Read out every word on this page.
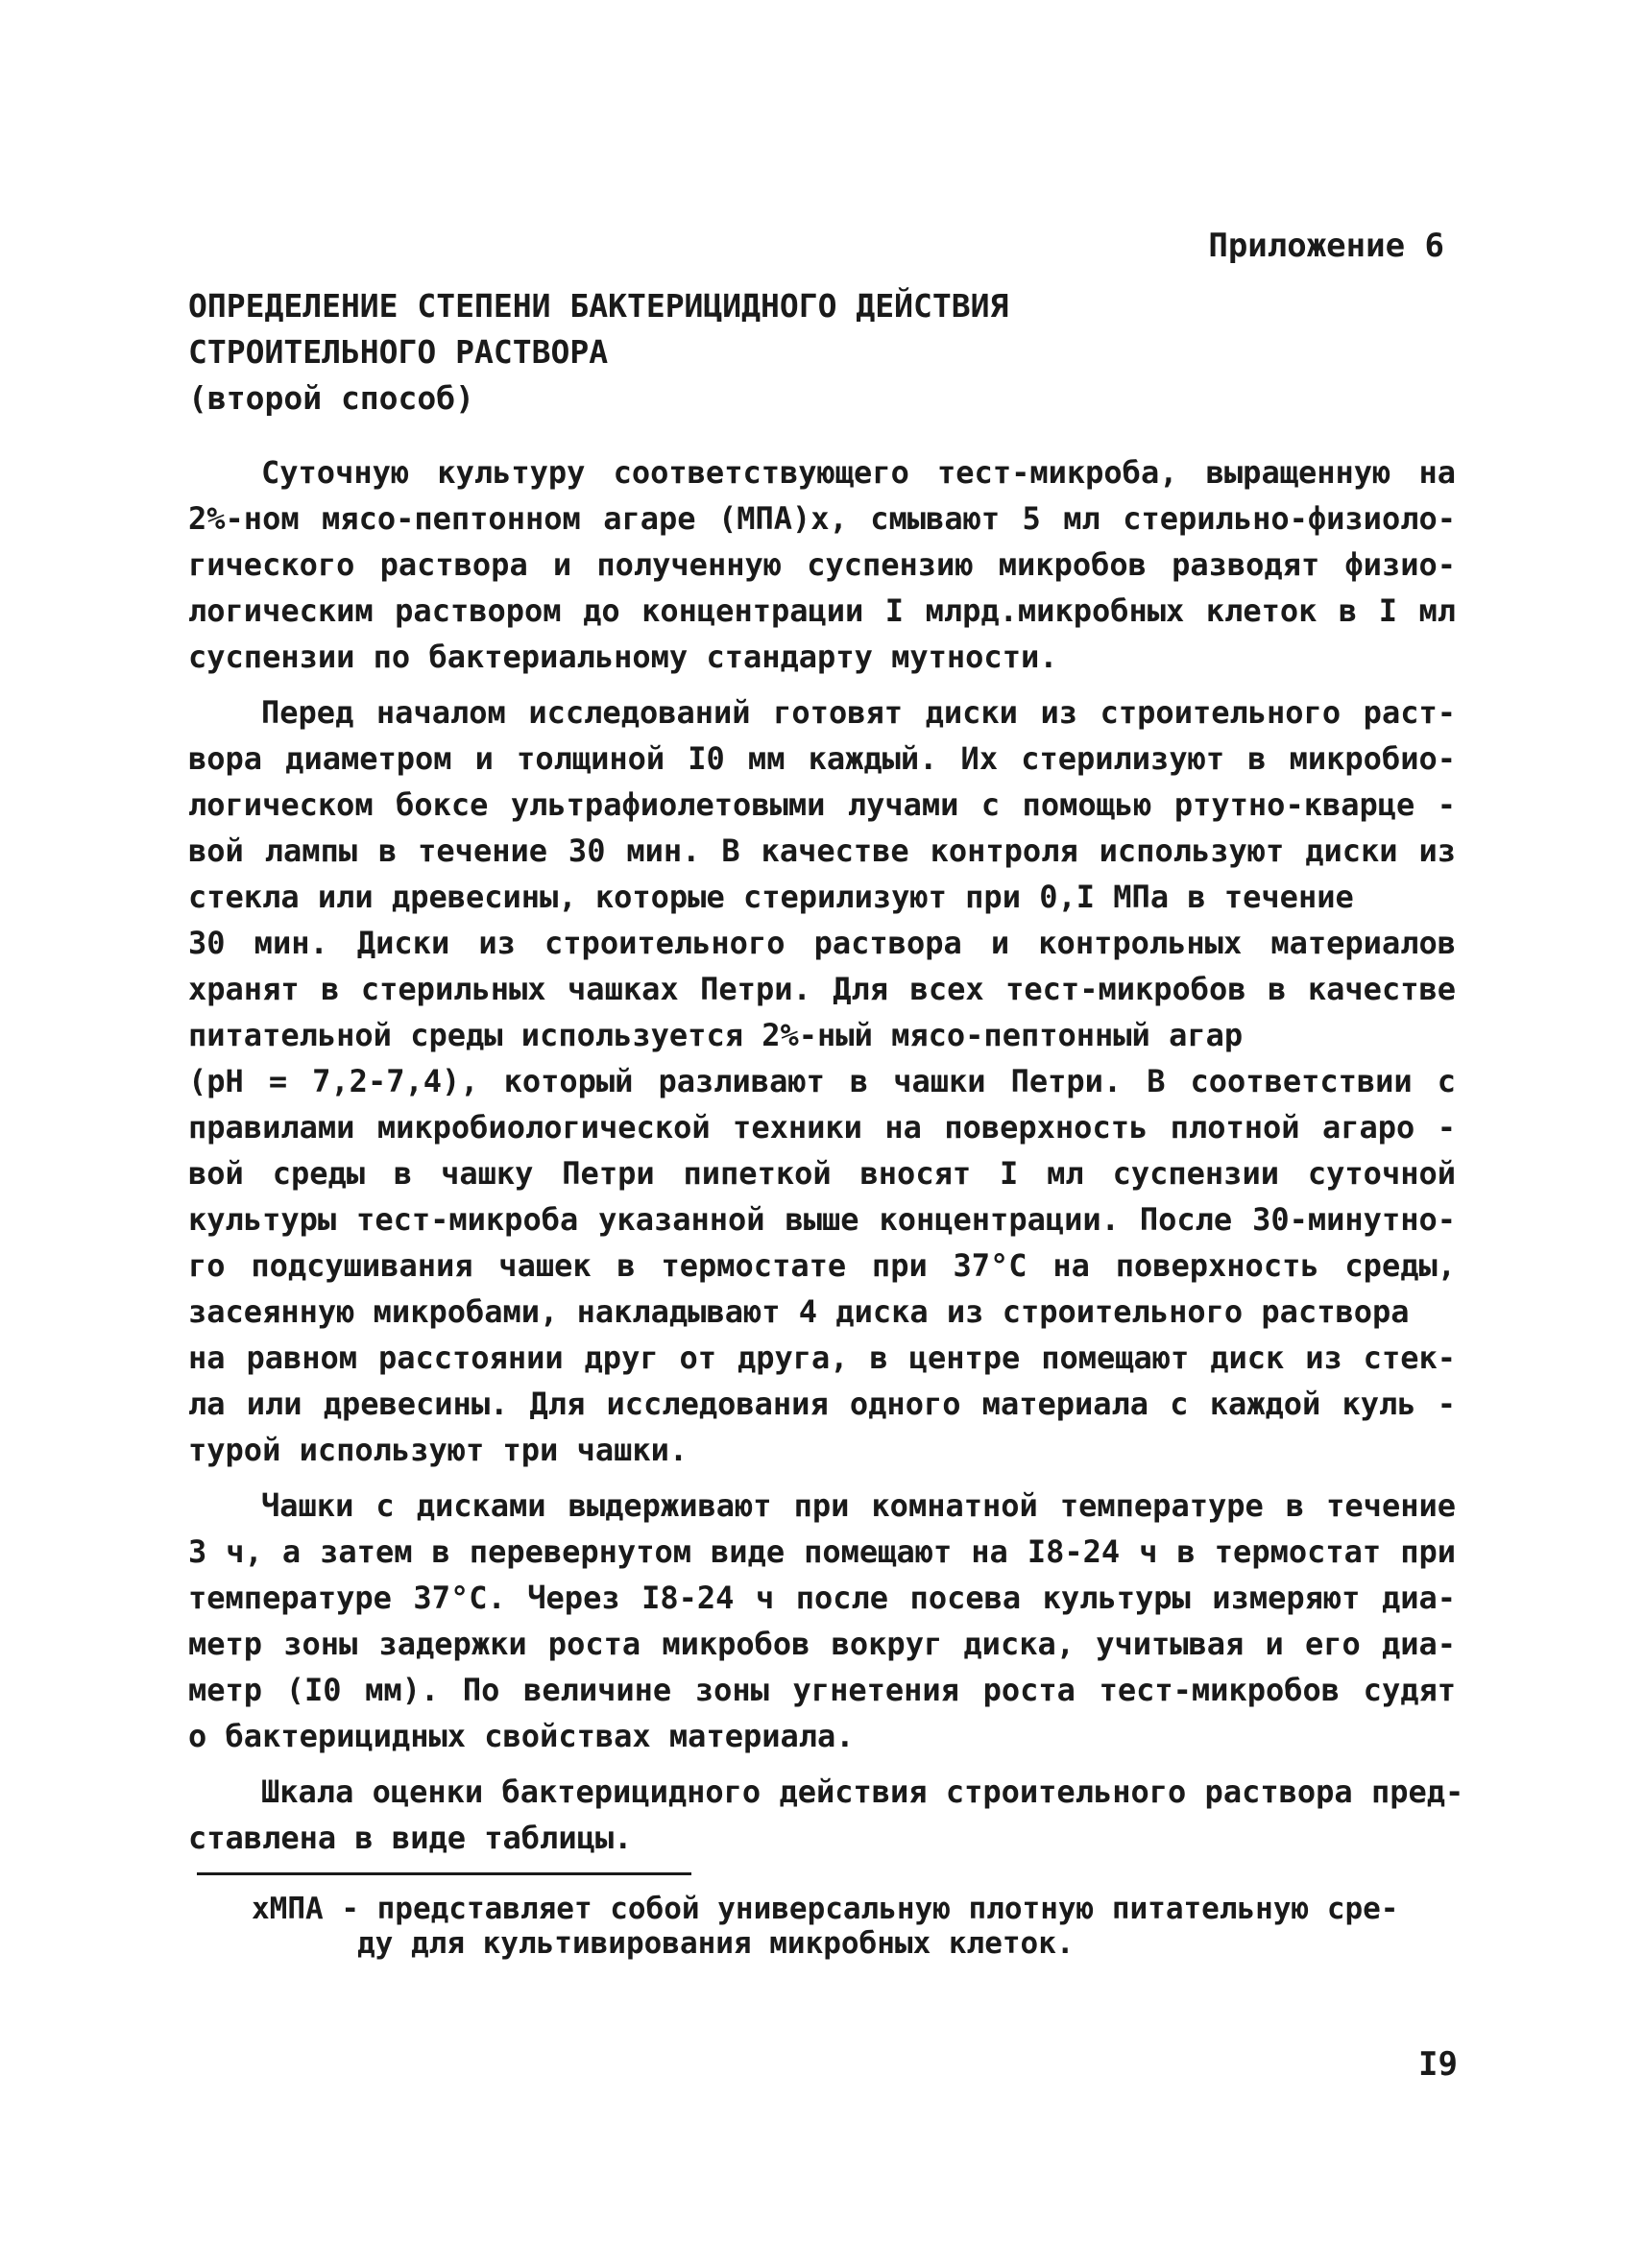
Приложение 6
ОПРЕДЕЛЕНИЕ СТЕПЕНИ БАКТЕРИЦИДНОГО ДЕЙСТВИЯ
СТРОИТЕЛЬНОГО РАСТВОРА
(второй способ)
Суточную культуру соответствующего тест-микроба, выращенную на
2%-ном мясо-пептонном агаре (МПА)х, смывают 5 мл стерильно-физиоло-
гического раствора и полученную суспензию микробов разводят физио-
логическим раствором до концентрации I млрд.микробных клеток в I мл
суспензии по бактериальному стандарту мутности.
Перед началом исследований готовят диски из строительного раст-
вора диаметром и толщиной I0 мм каждый. Их стерилизуют в микробио-
логическом боксе ультрафиолетовыми лучами с помощью ртутно-кварце -
вой лампы в течение 30 мин. В качестве контроля используют диски из
стекла или древесины, которые стерилизуют при 0,I МПа в течение
30 мин. Диски из строительного раствора и контрольных материалов
хранят в стерильных чашках Петри. Для всех тест-микробов в качестве
питательной среды используется 2%-ный мясо-пептонный агар
(pH = 7,2-7,4), который разливают в чашки Петри. В соответствии с
правилами микробиологической техники на поверхность плотной агаро -
вой среды в чашку Петри пипеткой вносят I мл суспензии суточной
культуры тест-микроба указанной выше концентрации. После 30-минутно-
го подсушивания чашек в термостате при 37°С на поверхность среды,
засеянную микробами, накладывают 4 диска из строительного раствора
на равном расстоянии друг от друга, в центре помещают диск из стек-
ла или древесины. Для исследования одного материала с каждой куль -
турой используют три чашки.
Чашки с дисками выдерживают при комнатной температуре в течение
3 ч, а затем в перевернутом виде помещают на I8-24 ч в термостат при
температуре 37°С. Через I8-24 ч после посева культуры измеряют диа-
метр зоны задержки роста микробов вокруг диска, учитывая и его диа-
метр (I0 мм). По величине зоны угнетения роста тест-микробов судят
о бактерицидных свойствах материала.
Шкала оценки бактерицидного действия строительного раствора пред-
ставлена в виде таблицы.
хМПА - представляет собой универсальную плотную питательную сре-
ду для культивирования микробных клеток.
I9
